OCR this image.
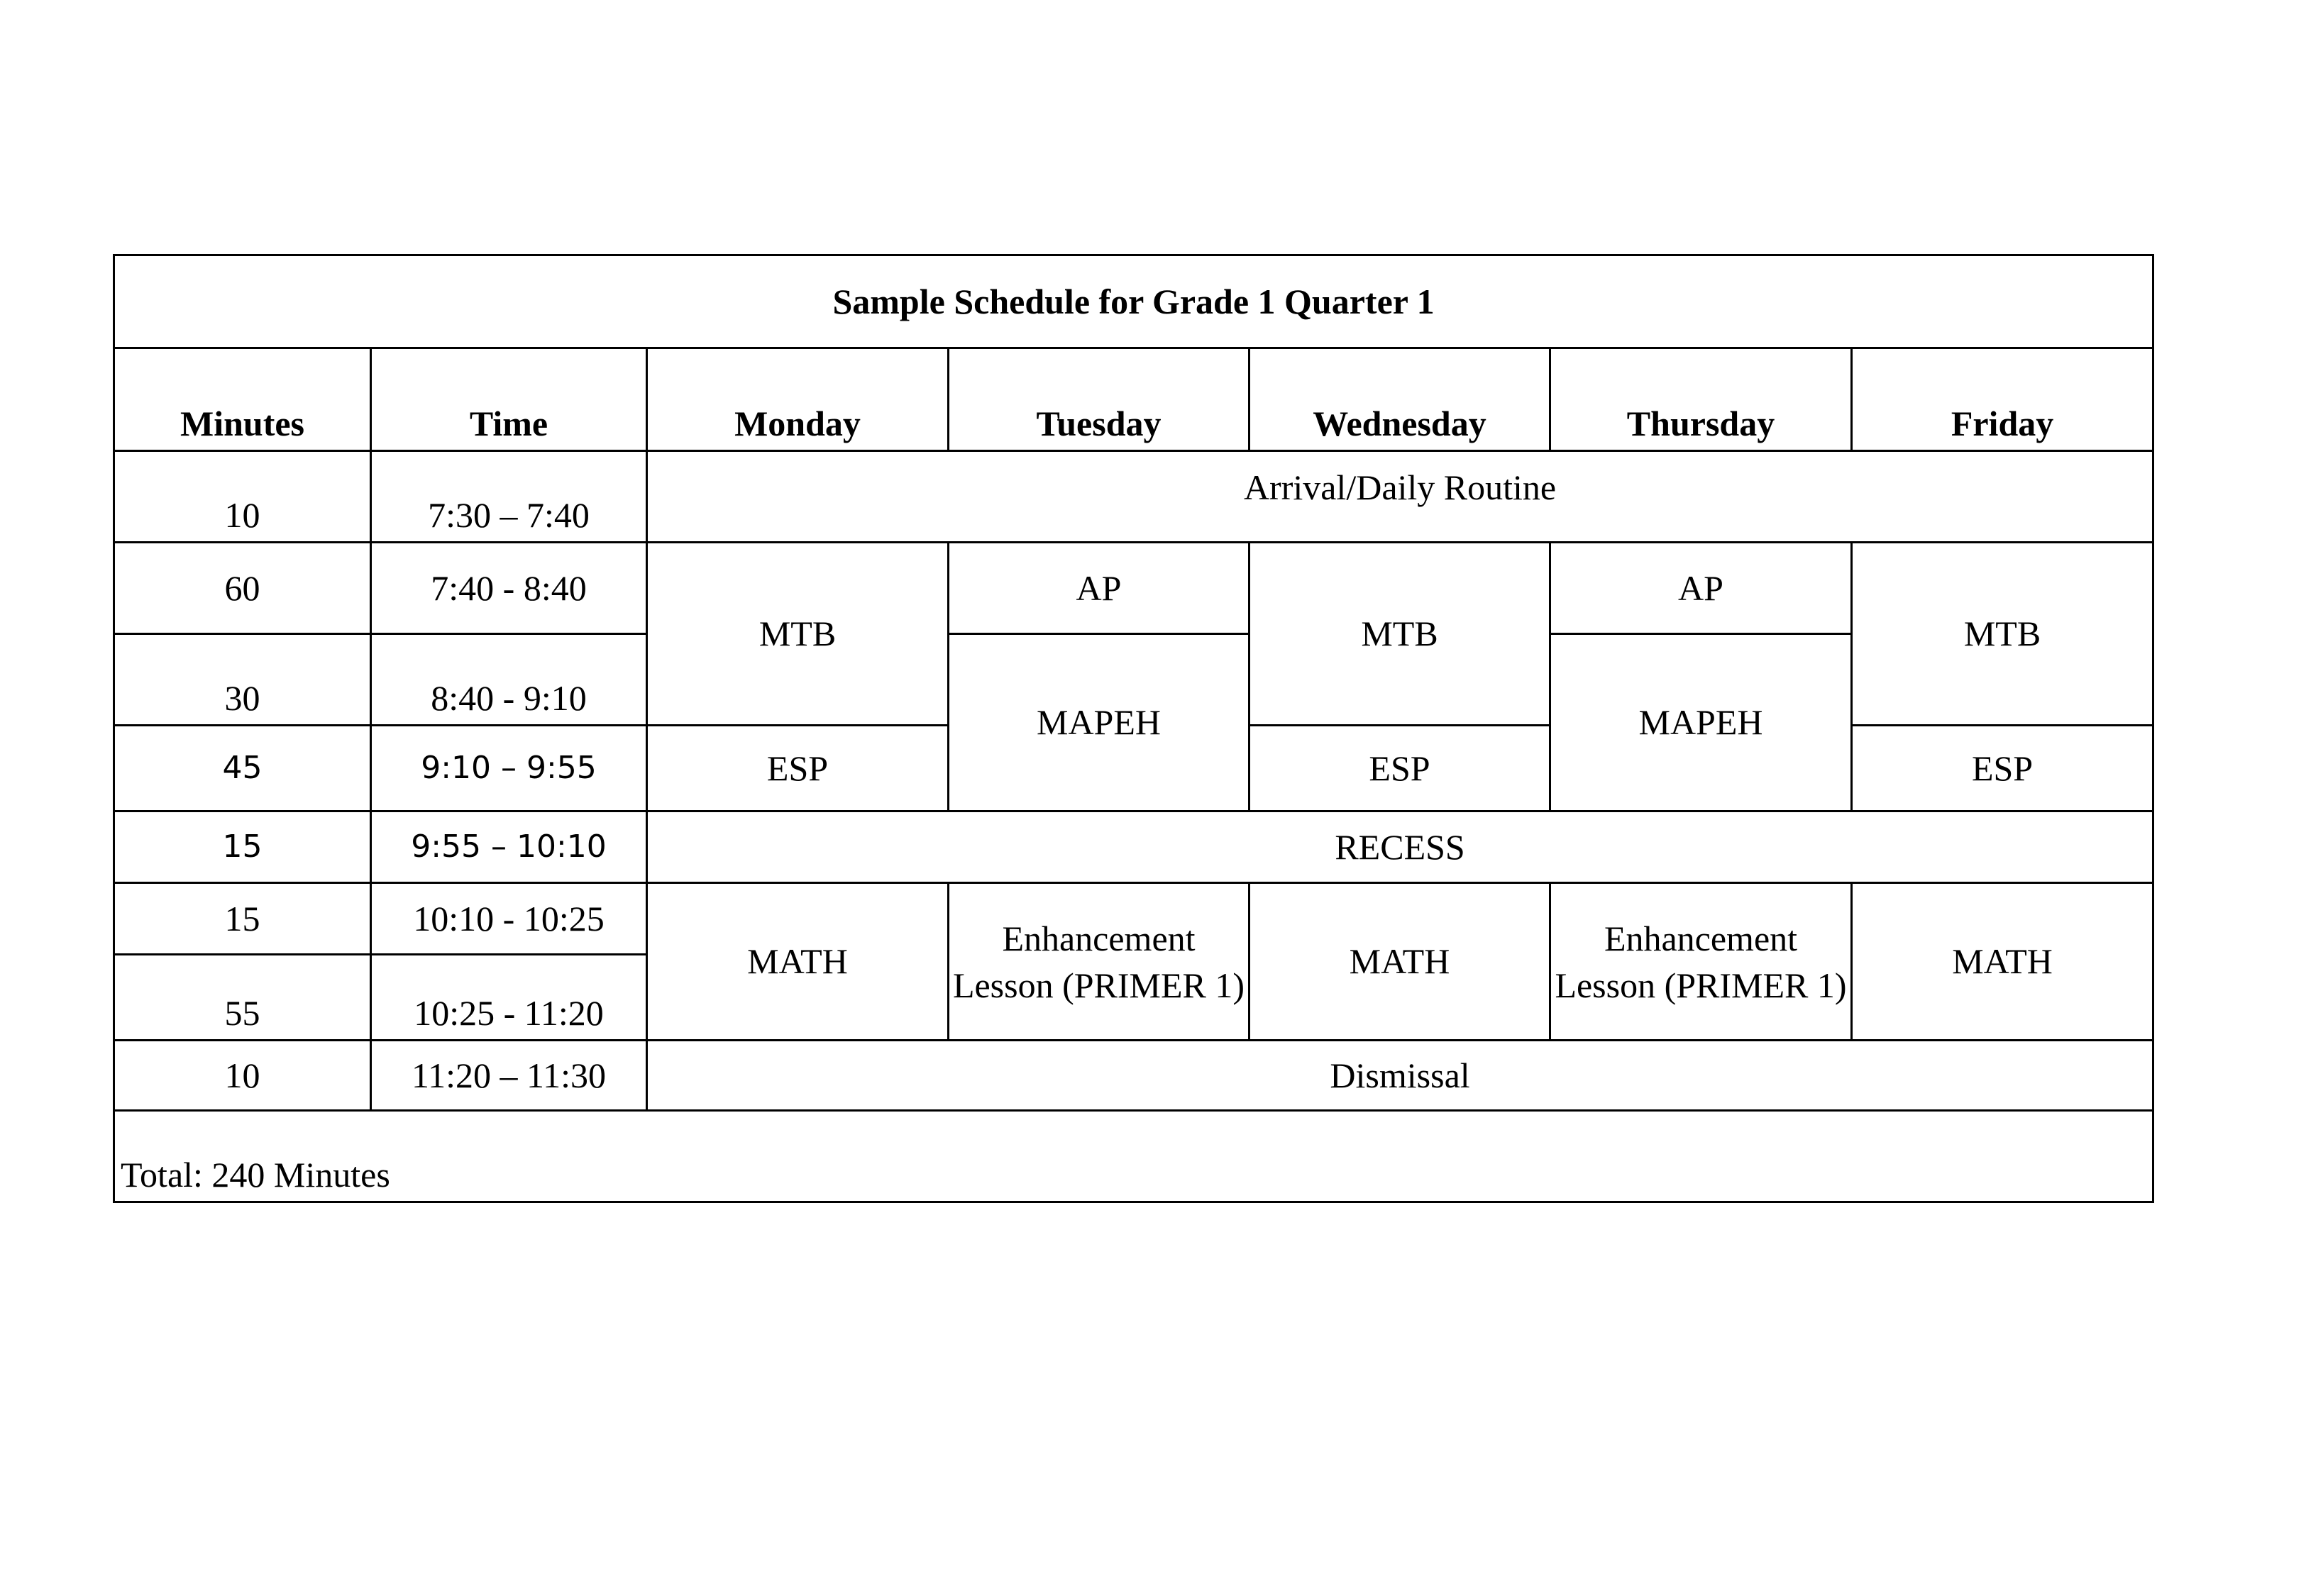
Sample Schedule for Grade 1 Quarter 1						
Minutes	Time	Monday	Tuesday	Wednesday	Thursday	Friday
10	7:30 – 7:40	Arrival/Daily Routine				
60	7:40 - 8:40	MTB	AP	MTB	AP	MTB
30	8:40 - 9:10		MAPEH		MAPEH	
45	9:10 – 9:55	ESP		ESP		ESP
15	9:55 – 10:10	RECESS				
15	10:10 - 10:25	MATH	Enhancement Lesson (PRIMER 1)	MATH	Enhancement Lesson (PRIMER 1)	MATH
55	10:25 - 11:20					
10	11:20 – 11:30	Dismissal				
Total: 240 Minutes						
